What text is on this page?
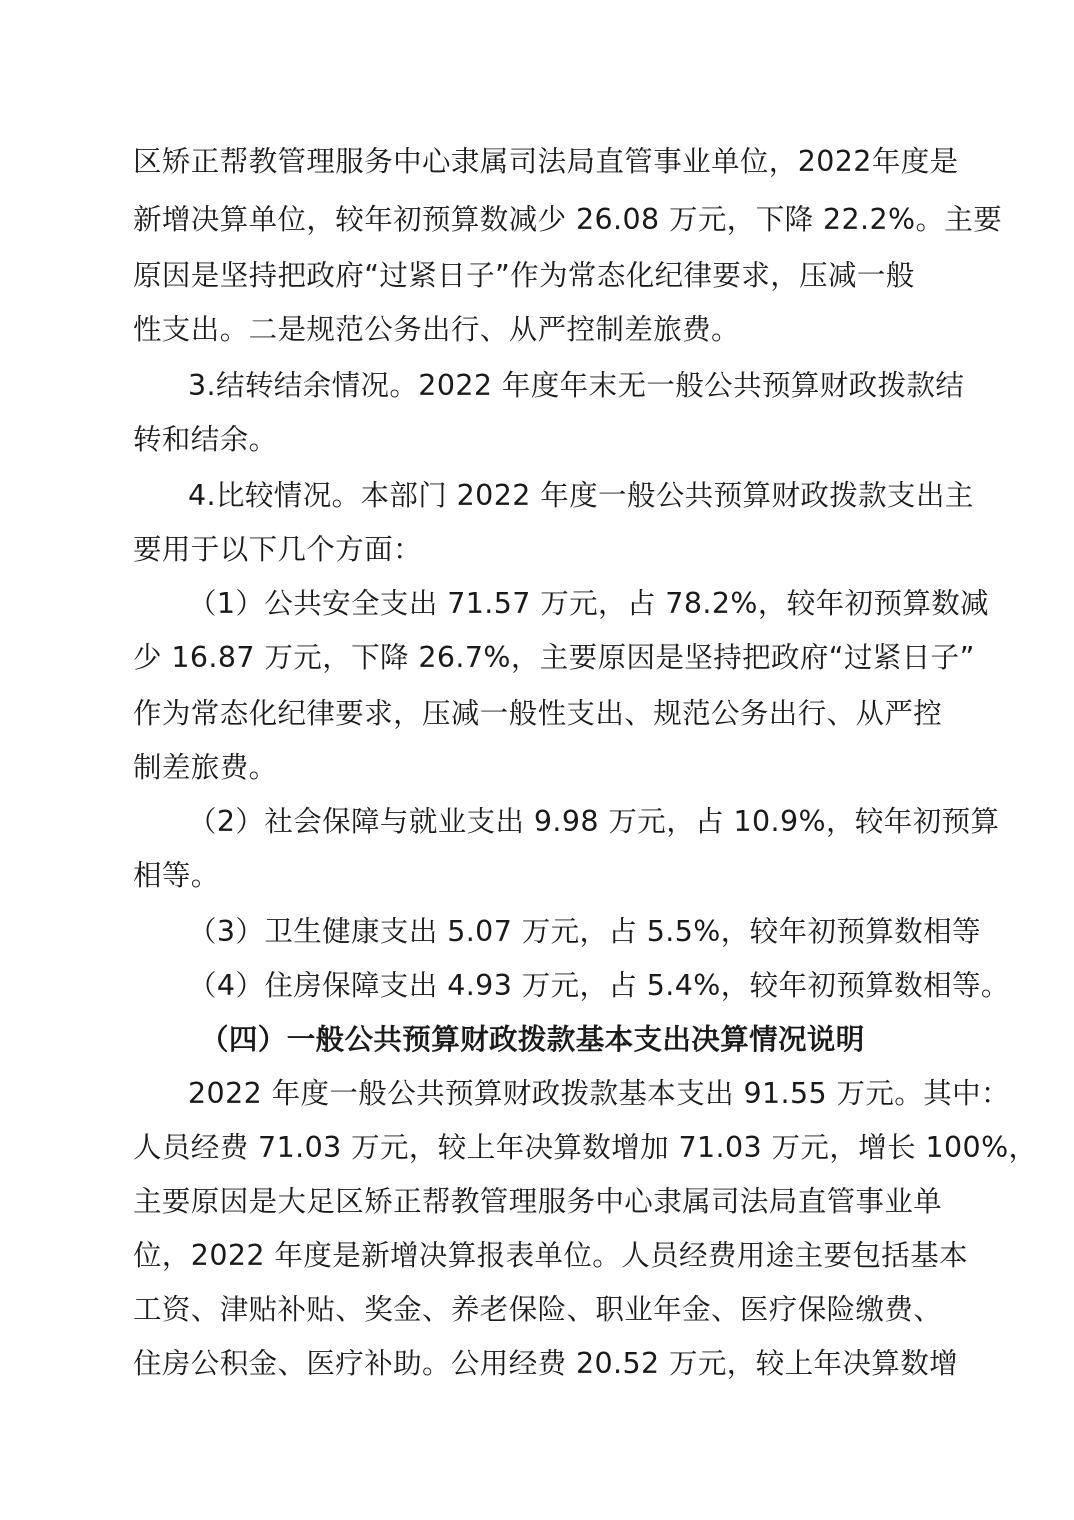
区矫正帮教管理服务中心隶属司法局直管事业单位，2022年度是
新增决算单位，较年初预算数减少 26.08 万元，下降 22.2%。主要
原因是坚持把政府“过紧日子”作为常态化纪律要求，压减一般
性支出。二是规范公务出行、从严控制差旅费。
3.结转结余情况。2022 年度年末无一般公共预算财政拨款结
转和结余。
4.比较情况。本部门 2022 年度一般公共预算财政拨款支出主
要用于以下几个方面：
（1）公共安全支出 71.57 万元，占 78.2%，较年初预算数减
少 16.87 万元，下降 26.7%，主要原因是坚持把政府“过紧日子”
作为常态化纪律要求，压减一般性支出、规范公务出行、从严控
制差旅费。
（2）社会保障与就业支出 9.98 万元，占 10.9%，较年初预算
相等。
（3）卫生健康支出 5.07 万元，占 5.5%，较年初预算数相等
（4）住房保障支出 4.93 万元，占 5.4%，较年初预算数相等。
（四）一般公共预算财政拨款基本支出决算情况说明
2022 年度一般公共预算财政拨款基本支出 91.55 万元。其中：
人员经费 71.03 万元，较上年决算数增加 71.03 万元，增长 100%，
主要原因是大足区矫正帮教管理服务中心隶属司法局直管事业单
位，2022 年度是新增决算报表单位。人员经费用途主要包括基本
工资、津贴补贴、奖金、养老保险、职业年金、医疗保险缴费、
住房公积金、医疗补助。公用经费 20.52 万元，较上年决算数增
